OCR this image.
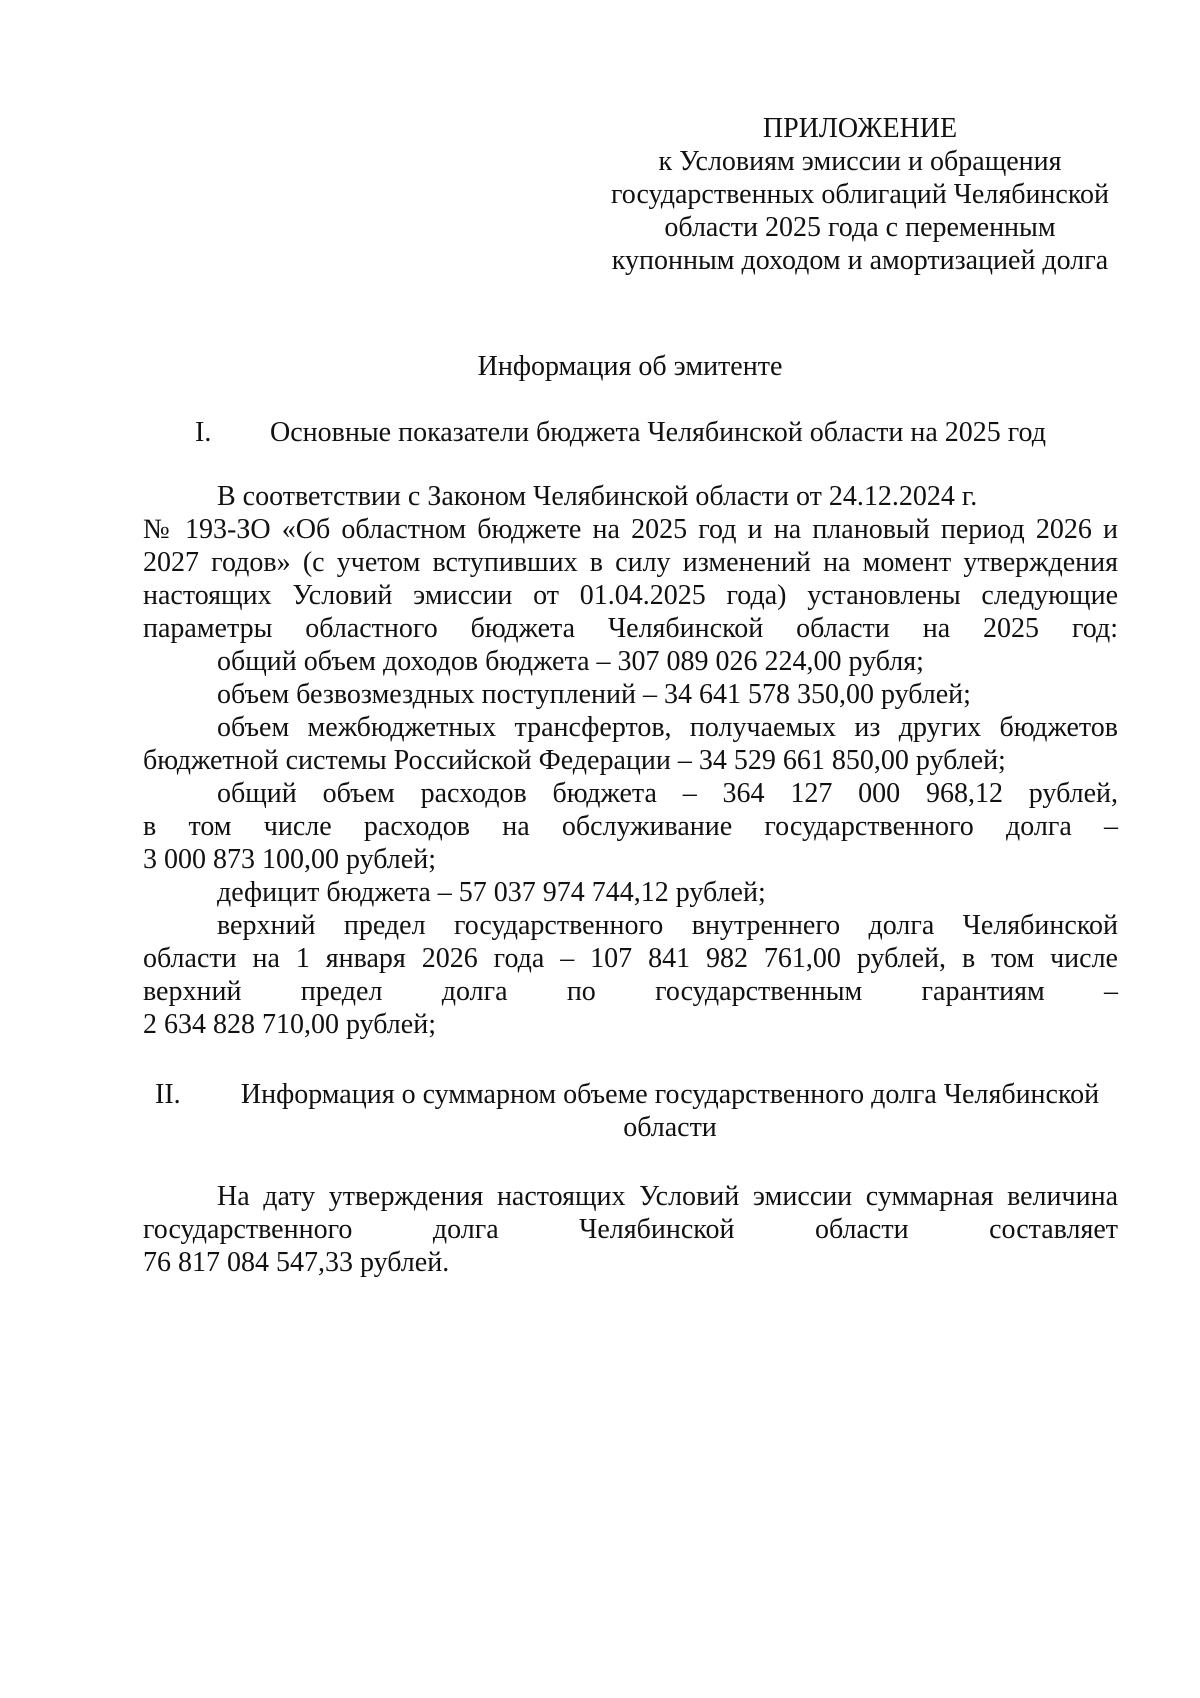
ПРИЛОЖЕНИЕ
к Условиям эмиссии и обращения
государственных облигаций Челябинской
области 2025 года с переменным
купонным доходом и амортизацией долга
Информация об эмитенте
I. Основные показатели бюджета Челябинской области на 2025 год
В соответствии с Законом Челябинской области от 24.12.2024 г.
№ 193-ЗО «Об областном бюджете на 2025 год и на плановый период 2026 и
2027 годов» (с учетом вступивших в силу изменений на момент утверждения
настоящих Условий эмиссии от 01.04.2025 года) установлены следующие
параметры областного бюджета Челябинской области на 2025 год:
общий объем доходов бюджета – 307 089 026 224,00 рубля;
объем безвозмездных поступлений – 34 641 578 350,00 рублей;
объем межбюджетных трансфертов, получаемых из других бюджетов
бюджетной системы Российской Федерации – 34 529 661 850,00 рублей;
общий объем расходов бюджета – 364 127 000 968,12 рублей,
в том числе расходов на обслуживание государственного долга –
3 000 873 100,00 рублей;
дефицит бюджета – 57 037 974 744,12 рублей;
верхний предел государственного внутреннего долга Челябинской
области на 1 января 2026 года – 107 841 982 761,00 рублей, в том числе
верхний предел долга по государственным гарантиям –
2 634 828 710,00 рублей;
II.	Информация о суммарном объеме государственного долга Челябинской
области
На дату утверждения настоящих Условий эмиссии суммарная величина
государственного долга Челябинской области составляет
76 817 084 547,33 рублей.
